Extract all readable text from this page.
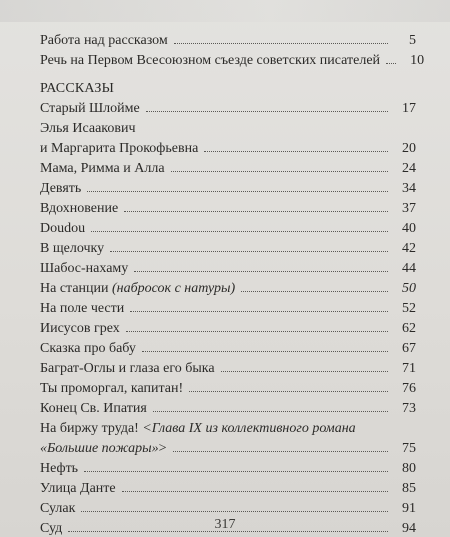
Работа над рассказом	5
Речь на Первом Всесоюзном съезде советских писателей	10
РАССКАЗЫ
Старый Шлойме	17
Элья Исаакович
и Маргарита Прокофьевна	20
Мама, Римма и Алла	24
Девять	34
Вдохновение	37
Doudou	40
В щелочку	42
Шабос-нахаму	44
На станции (набросок с натуры)	50
На поле чести	52
Иисусов грех	62
Сказка про бабу	67
Баграт-Оглы и глаза его быка	71
Ты проморгал, капитан!	76
Конец Св. Ипатия	73
На биржу труда!
<Глава IX из коллективного романа
«Большие пожары»>	75
Нефть	80
Улица Данте	85
Сулак	91
Суд	94
317
